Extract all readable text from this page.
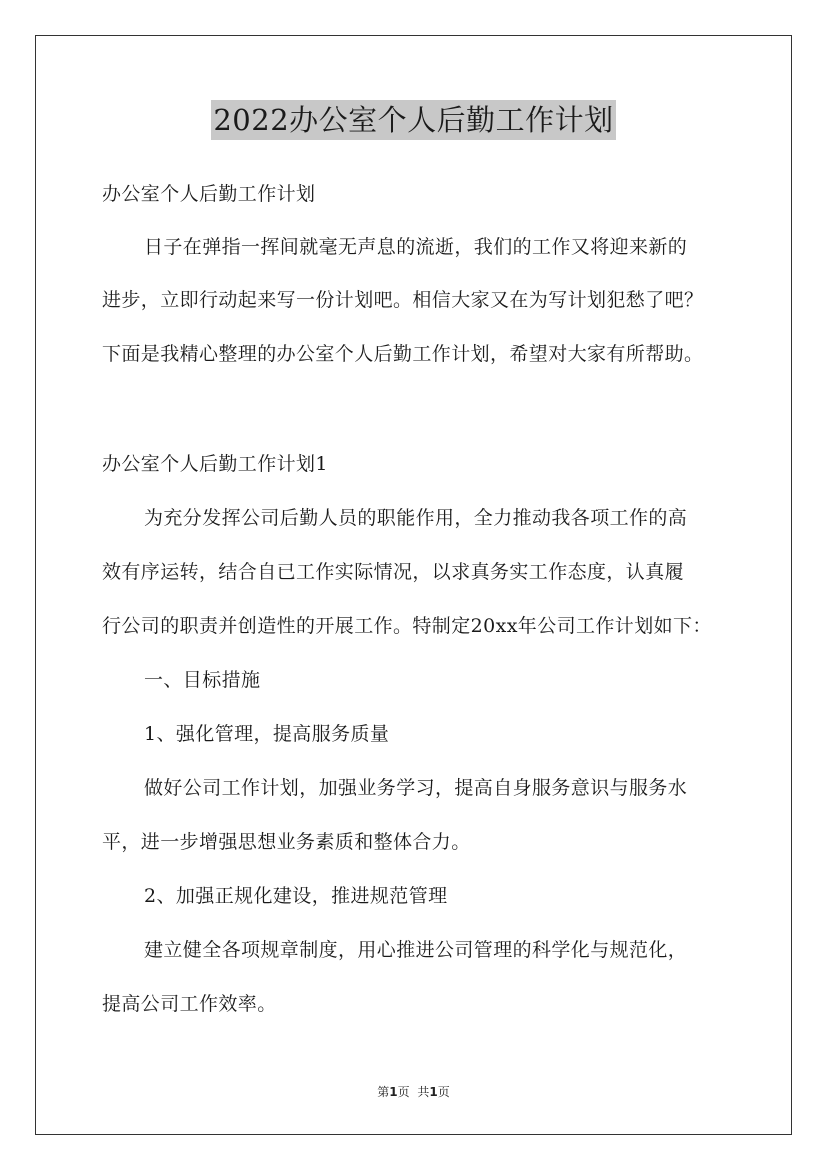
2022办公室个人后勤工作计划
办公室个人后勤工作计划
日子在弹指一挥间就毫无声息的流逝，我们的工作又将迎来新的
进步，立即行动起来写一份计划吧。相信大家又在为写计划犯愁了吧？
下面是我精心整理的办公室个人后勤工作计划，希望对大家有所帮助。
办公室个人后勤工作计划1
为充分发挥公司后勤人员的职能作用，全力推动我各项工作的高
效有序运转，结合自已工作实际情况，以求真务实工作态度，认真履
行公司的职责并创造性的开展工作。特制定20xx年公司工作计划如下：
一、目标措施
1、强化管理，提高服务质量
做好公司工作计划，加强业务学习，提高自身服务意识与服务水
平，进一步增强思想业务素质和整体合力。
2、加强正规化建设，推进规范管理
建立健全各项规章制度，用心推进公司管理的科学化与规范化，
提高公司工作效率。
第1页 共1页
